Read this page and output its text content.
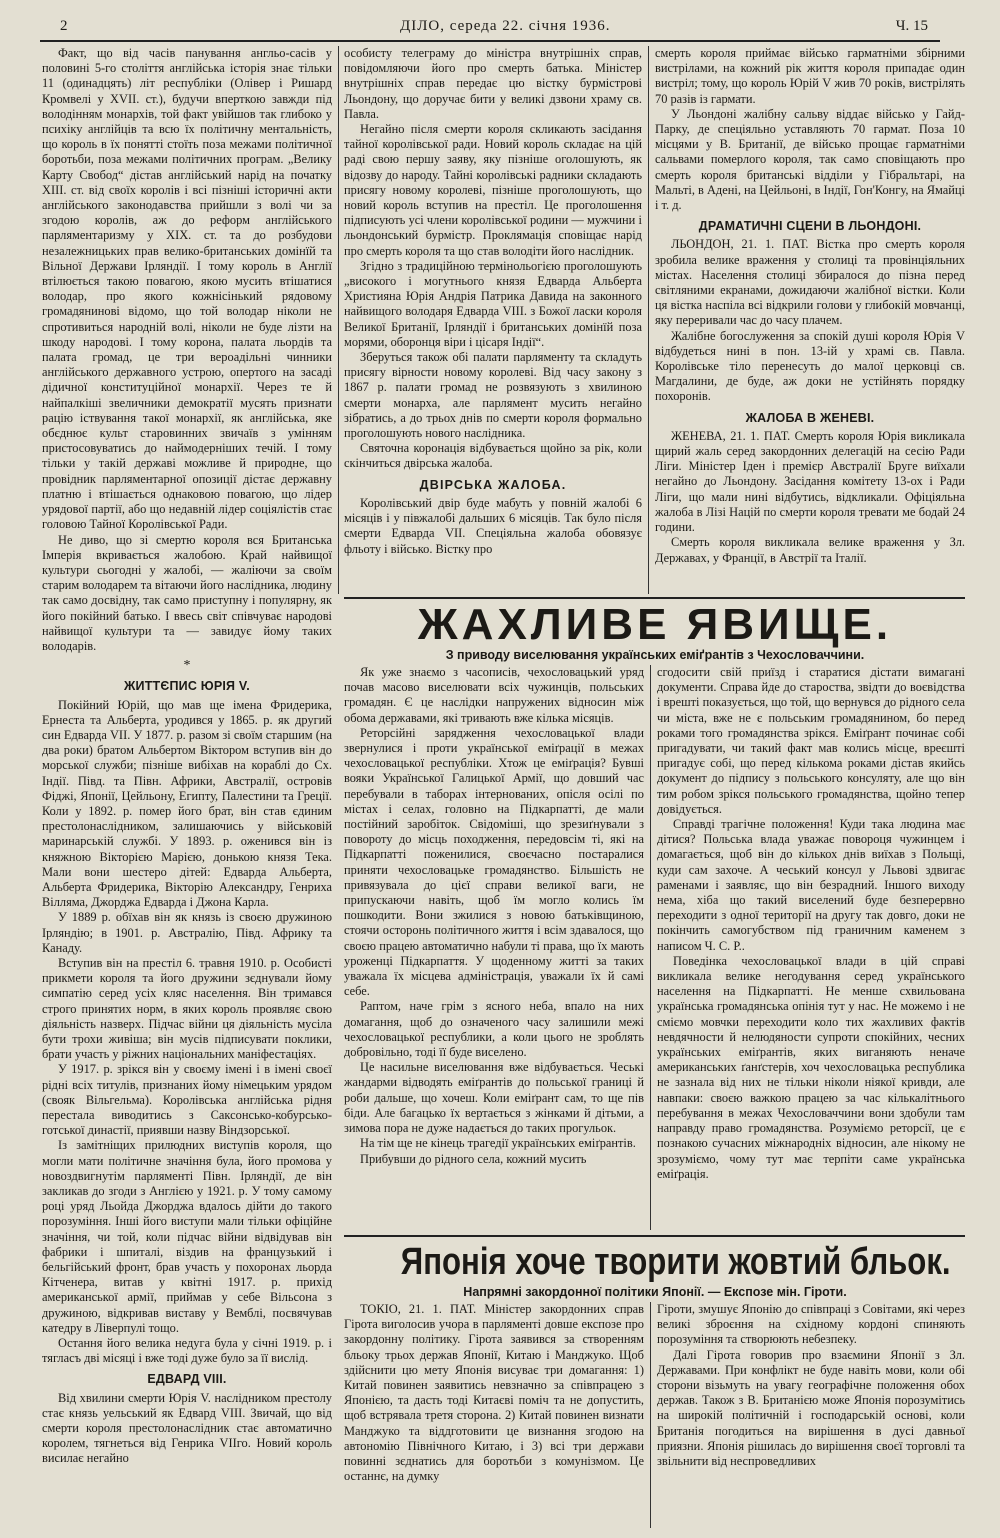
2	ДІЛО, середа 22. січня 1936.	Ч. 15

Факт, що від часів панування англьо-сасів у половині 5-го століття англійська історія знає тільки 11 (одинадцять) літ республіки (Олівер і Ришард Кромвелі у XVII. ст.), будучи вперткою завжди під володінням монархів, той факт увійшов так глибоко у психіку англійців та всю їх політичну ментальність, що король в їх понятті стоїть поза межами політичної боротьби, поза межами політичних програм. „Велику Карту Свобод“ дістав англійський нарід на початку XIII. ст. від своїх королів і всі пізніші історичні акти англійського законодавства прийшли з волі чи за згодою королів, аж до реформ англійського парляментаризму у XIX. ст. та до розбудови незалежницьких прав велико-британських домінїй та Вільної Держави Ірляндії. І тому король в Англії втілюється такою повагою, якою мусить втішатися володар, про якого кожнісінький рядовому громадянинові відомо, що той володар ніколи не спротивиться народній волі, ніколи не буде лізти на шкоду народові. І тому корона, палата льордів та палата громад, це три вероадільні чинники англійського державного устрою, опертого на засаді дідичної конституційної монархії. Через те й найпалкіші звеличники демократії мусять признати рацію іствування такої монархії, як англійська, яке обєднює культ старовинних звичаїв з умінням пристосовуватись до наймодерніших течій. І тому тільки у такій державі можливе й природне, що провідник парляментарної опозиції дістає державну платню і втішається однаковою повагою, що лідер урядової партії, або що недавній лідер соціялістів стає головою Тайної Королівської Ради.

Не диво, що зі смертю короля вся Британська Імперія вкривається жалобою. Край найвищої культури сьогодні у жалобі, — жаліючи за своїм старим володарем та вітаючи його наслідника, людину так само досвідну, так само приступну і популярну, як його покійний батько. І ввесь світ співчуває народові найвищої культури та — завидує йому таких володарів.

*
ЖИТТЄПИС ЮРІЯ V.

Покійний Юрій, що мав ще імена Фридерика, Ернеста та Альберта, уродився у 1865. р. як другий син Едварда VII. У 1877. р. разом зі своїм старшим (на два роки) братом Альбертом Віктором вступив він до морської служби; пізніше вибіхав на кораблі до Сх. Індії. Півд. та Півн. Африки, Австралії, островів Фіджі, Японії, Цейльону, Египту, Палестини та Греції. Коли у 1892. р. помер його брат, він став єдиним престолонаслідником, залишаючись у військовій маринарській службі. У 1893. р. оженився він із княжною Вікторією Марією, донькою князя Тека. Мали вони шестеро дітей: Едварда Альберта, Альберта Фридерика, Вікторію Александру, Генриха Вілляма, Джорджа Едварда і Джона Карла.

У 1889 р. обїхав він як князь із своєю дружиною Ірляндію; в 1901. р. Австралію, Півд. Африку та Канаду.

Вступив він на престіл 6. травня 1910. р. Особисті прикмети короля та його дружини зєднували йому симпатію серед усіх кляс населення. Він тримався строго принятих норм, в яких король проявляє свою діяльність назверх. Підчас війни ця діяльність мусіла бути трохи живіша; він мусів підписувати поклики, брати участь у ріжних національних маніфестаціях.

У 1917. р. зрікся він у своєму імені і в імені своєї рідні всіх титулів, признаних йому німецьким урядом (свояк Вільгельма). Королівська англійська рідня перестала виводитись з Саксонсько-кобурсько-готської династії, приявши назву Віндзорської.

Із замітніщих прилюдних виступів короля, що могли мати політичне значіння була, його промова у новоздвигнутім парляменті Півн. Ірляндії, де він закликав до згоди з Англією у 1921. р. У тому самому році уряд Льойда Джорджа вдалось дійти до такого порозуміння. Інші його виступи мали тільки офіційне значіння, чи той, коли підчас війни відвідував він фабрики і шпиталі, віздив на французький і бельгійський фронт, брав участь у похоронах льорда Кітченера, витав у квітні 1917. р. прихід американської армії, приймав у себе Вільсона з дружиною, відкривав виставу у Вемблі, посвячував катедру в Ліверпулі тощо.

Остання його велика недуга була у січні 1919. р. і тягласъ дві місяці і вже тоді дуже було за її вислід.

ЕДВАРД VIII.

Від хвилини смерти Юрія V. наслідником престолу стає князь уельський як Едвард VIII. Звичай, що від смерти короля престолонаслідник стає автоматично королем, тягнеться від Генрика VIIго. Новий король висилає негайно

особисту телеграму до міністра внутрішніх справ, повідомляючи його про смерть батька. Міністер внутрішніх справ передає цю вістку бурмістрові Льондону, що доручає бити у великі дзвони храму св. Павла.

Негайно після смерти короля скликають засідання тайної королівської ради. Новий король складає на цій раді свою першу заяву, яку пізніше оголошують, як відозву до народу. Тайні королівські радники складають присягу новому королеві, пізніше проголошують, що новий король вступив на престіл. Це проголошення підписують усі члени королівської родини — мужчини і льондонський бурмістр. Проклямація сповіщає нарід про смерть короля та що став володіти його наслідник.

Згідно з традиційною термінольогією проголошують „високого і могутнього князя Едварда Альберта Християна Юрія Андрія Патрика Давида на законного найвищого володаря Едварда VIII. з Божої ласки короля Великої Британії, Ірляндії і британських домінїй поза морями, оборонця віри і цісаря Індії“.

Зберуться також обі палати парляменту та складуть присягу вірности новому королеві. Від часу закону з 1867 р. палати громад не розвязують з хвилиною смерти монарха, але парлямент мусить негайно зібратись, а до трьох днів по смерти короля формально проголошують нового наслідника.

Святочна коронація відбувається щойно за рік, коли скінчиться двірська жалоба.

ДВІРСЬКА ЖАЛОБА.

Королівський двір буде мабуть у повній жалобі 6 місяців і у півжалобі дальших 6 місяців. Так було після смерти Едварда VII. Спеціяльна жалоба обовязує фльоту і військо. Вістку про

смерть короля приймає військо гарматніми збірними вистрілами, на кожний рік життя короля припадає один вистріл; тому, що король Юрій V жив 70 років, вистрілять 70 разів із гармати.

У Льондоні жалібну сальву віддає військо у Гайд-Парку, де спеціяльно уставляють 70 гармат. Поза 10 місцями у В. Британії, де військо прощає гарматніми сальвами померлого короля, так само сповіщають про смерть короля британські відділи у Гібральтарі, на Мальті, в Адені, на Цейльоні, в Індії, Гон'Конгу, на Ямайці і т. д.

ДРАМАТИЧНІ СЦЕНИ В ЛЬОНДОНІ.

ЛЬОНДОН, 21. 1. ПАТ. Вістка про смерть короля зробила велике враження у столиці та провінціяльних містах. Населення столиці збиралося до пізна перед світляними екранами, дожидаючи жалібної вістки. Коли ця вістка наспіла всі відкрили голови у глибокій мовчанці, яку переривали час до часу плачем.

Жалібне богослуження за спокій душі короля Юрія V відбудеться нині в пон. 13-ій у храмі св. Павла. Королівське тіло перенесуть до малої церковці св. Магдалини, де буде, аж доки не устійнять порядку похоронів.

ЖАЛОБА В ЖЕНЕВІ.

ЖЕНЕВА, 21. 1. ПАТ. Смерть короля Юрія викликала щирий жаль серед закордонних делегацій на сесію Ради Ліги. Міністер Іден і премієр Австралії Бруге виїхали негайно до Льондону. Засідання комітету 13-ох і Ради Ліги, що мали нині відбутись, відкликали. Офіціяльна жалоба в Лізі Націй по смерти короля тревати ме бодай 24 години.

Смерть короля викликала велике враження у Зл. Державах, у Франції, в Австрії та Італії.

ЖАХЛИВЕ ЯВИЩЕ.
З приводу виселювання українських еміґрантів з Чехословаччини.

Як уже знаємо з часописів, чехословацький уряд почав масово виселювати всіх чужинців, польських громадян. Є це наслідки напружених відносин між обома державами, які тривають вже кілька місяців.

Реторсійні зарядження чехословацької влади звернулися і проти української еміґрації в межах чехословацької республіки. Хтож це еміґрація? Бувші вояки Української Галицької Армії, що довший час перебували в таборах інтернованих, опісля осілі по містах і селах, головно на Підкарпатті, де мали постійний заробіток. Свідоміші, що зрезиґнували з повороту до місць походження, передовсім ті, які на Підкарпатті поженилися, своєчасно постаралися приняти чехословацьке громадянство. Більшість не привязувала до цієї справи великої ваги, не припускаючи навіть, щоб їм могло колись їм пошкодити. Вони зжилися з новою батьківщиною, стоячи осторонь політичного життя і всім здавалося, що своєю працею автоматично набули ті права, що їх мають уроженці Підкарпаття. У щоденному житті за таких уважала їх місцева адміністрація, уважали їх й самі себе.

Раптом, наче грім з ясного неба, впало на них домагання, щоб до означеного часу залишили межі чехословацької республики, а коли цього не зроблять добровільно, тоді її буде виселено.

Це насильне виселювання вже відбувається. Чеські жандарми відводять еміґрантів до польської границі й роби дальше, що хочеш. Коли еміґрант сам, то ще пів біди. Але багацько їх вертається з жінками й дітьми, а зимова пора не дуже надається до таких прогульок.

На тім ще не кінець трагедії українських еміґрантів.

Прибувши до рідного села, кожний мусить

сгодосити свій приїзд і старатися дістати вимагані документи. Справа йде до староства, звідти до воєвідства і врешті показується, що той, що вернувся до рідного села чи міста, вже не є польським громадянином, бо перед роками того громадянства зрікся. Еміґрант починає собі пригадувати, чи такий факт мав колись місце, вреєшті пригадує собі, що перед кількома роками дістав якийсь документ до підпису з польського консуляту, але що він тим робом зрікся польського громадянства, щойно тепер довідується.

Справді трагічне положення! Куди така людина має дітися? Польська влада уважає повороця чужинцем і домагається, щоб він до кількох днів виїхав з Польщі, куди сам захоче. А чеський консул у Львові здвигає раменами і заявляє, що він безрадний. Іншого виходу нема, хіба що такий виселений буде безперервно переходити з одної території на другу так довго, доки не покінчить самогубством під граничним каменем з написом Ч. С. Р..

Поведінка чехословацької влади в цій справі викликала велике негодування серед українського населення на Підкарпатті. Не менше схвильована українська громадянська опінія тут у нас. Не можемо і не сміємо мовчки переходити коло тих жахливих фактів невдячности й нелюдяности супроти спокійних, чесних українських еміґрантів, яких виганяють неначе американських ґанґстерів, хоч чехословацька республика не зазнала від них не тільки ніколи ніякої кривди, але навпаки: своєю важкою працею за час кількалітнього перебування в межах Чехословаччини вони здобули там направду право громадянства. Розуміємо реторсії, це є познакою сучасних міжнародніх відносин, але нікому не зрозуміємо, чому тут має терпіти саме українська еміґрація.

Японія хоче творити жовтий бльок.
Напрямні закордонної політики Японії. — Експозе мін. Гіроти.

ТОКІО, 21. 1. ПАТ. Міністер закордонних справ Гірота виголосив учора в парляменті довше експозе про закордонну політику. Гірота заявився за створенням бльоку трьох держав Японії, Китаю і Манджуко. Щоб здійснити цю мету Японія висуває три домагання: 1) Китай повинен заявитись невзначно за співпрацею з Японією, та дасть тоді Китаєві поміч та не допустить, щоб встрявала третя сторона. 2) Китай повинен визнати Манджуко та віддготовити це визнання згодою на автономію Північного Китаю, і 3) всі три держави повинні зєднатись для боротьби з комунізмом. Це останнє, на думку

Гіроти, змушує Японію до співпраці з Совітами, які через великі зброєння на східному кордоні спиняють порозуміння та створюють небезпеку.

Далі Гірота говорив про взаємини Японії з Зл. Державами. При конфлікт не буде навіть мови, коли обі сторони візьмуть на увагу географічне положення обох держав. Також з В. Британією може Японія порозумітись на широкій політичній і господарській основі, коли Британія погодиться на вирішення в дусі давньої приязни. Японія рішилась до вирішення своєї торговлі та звільнити від неспроведливих
